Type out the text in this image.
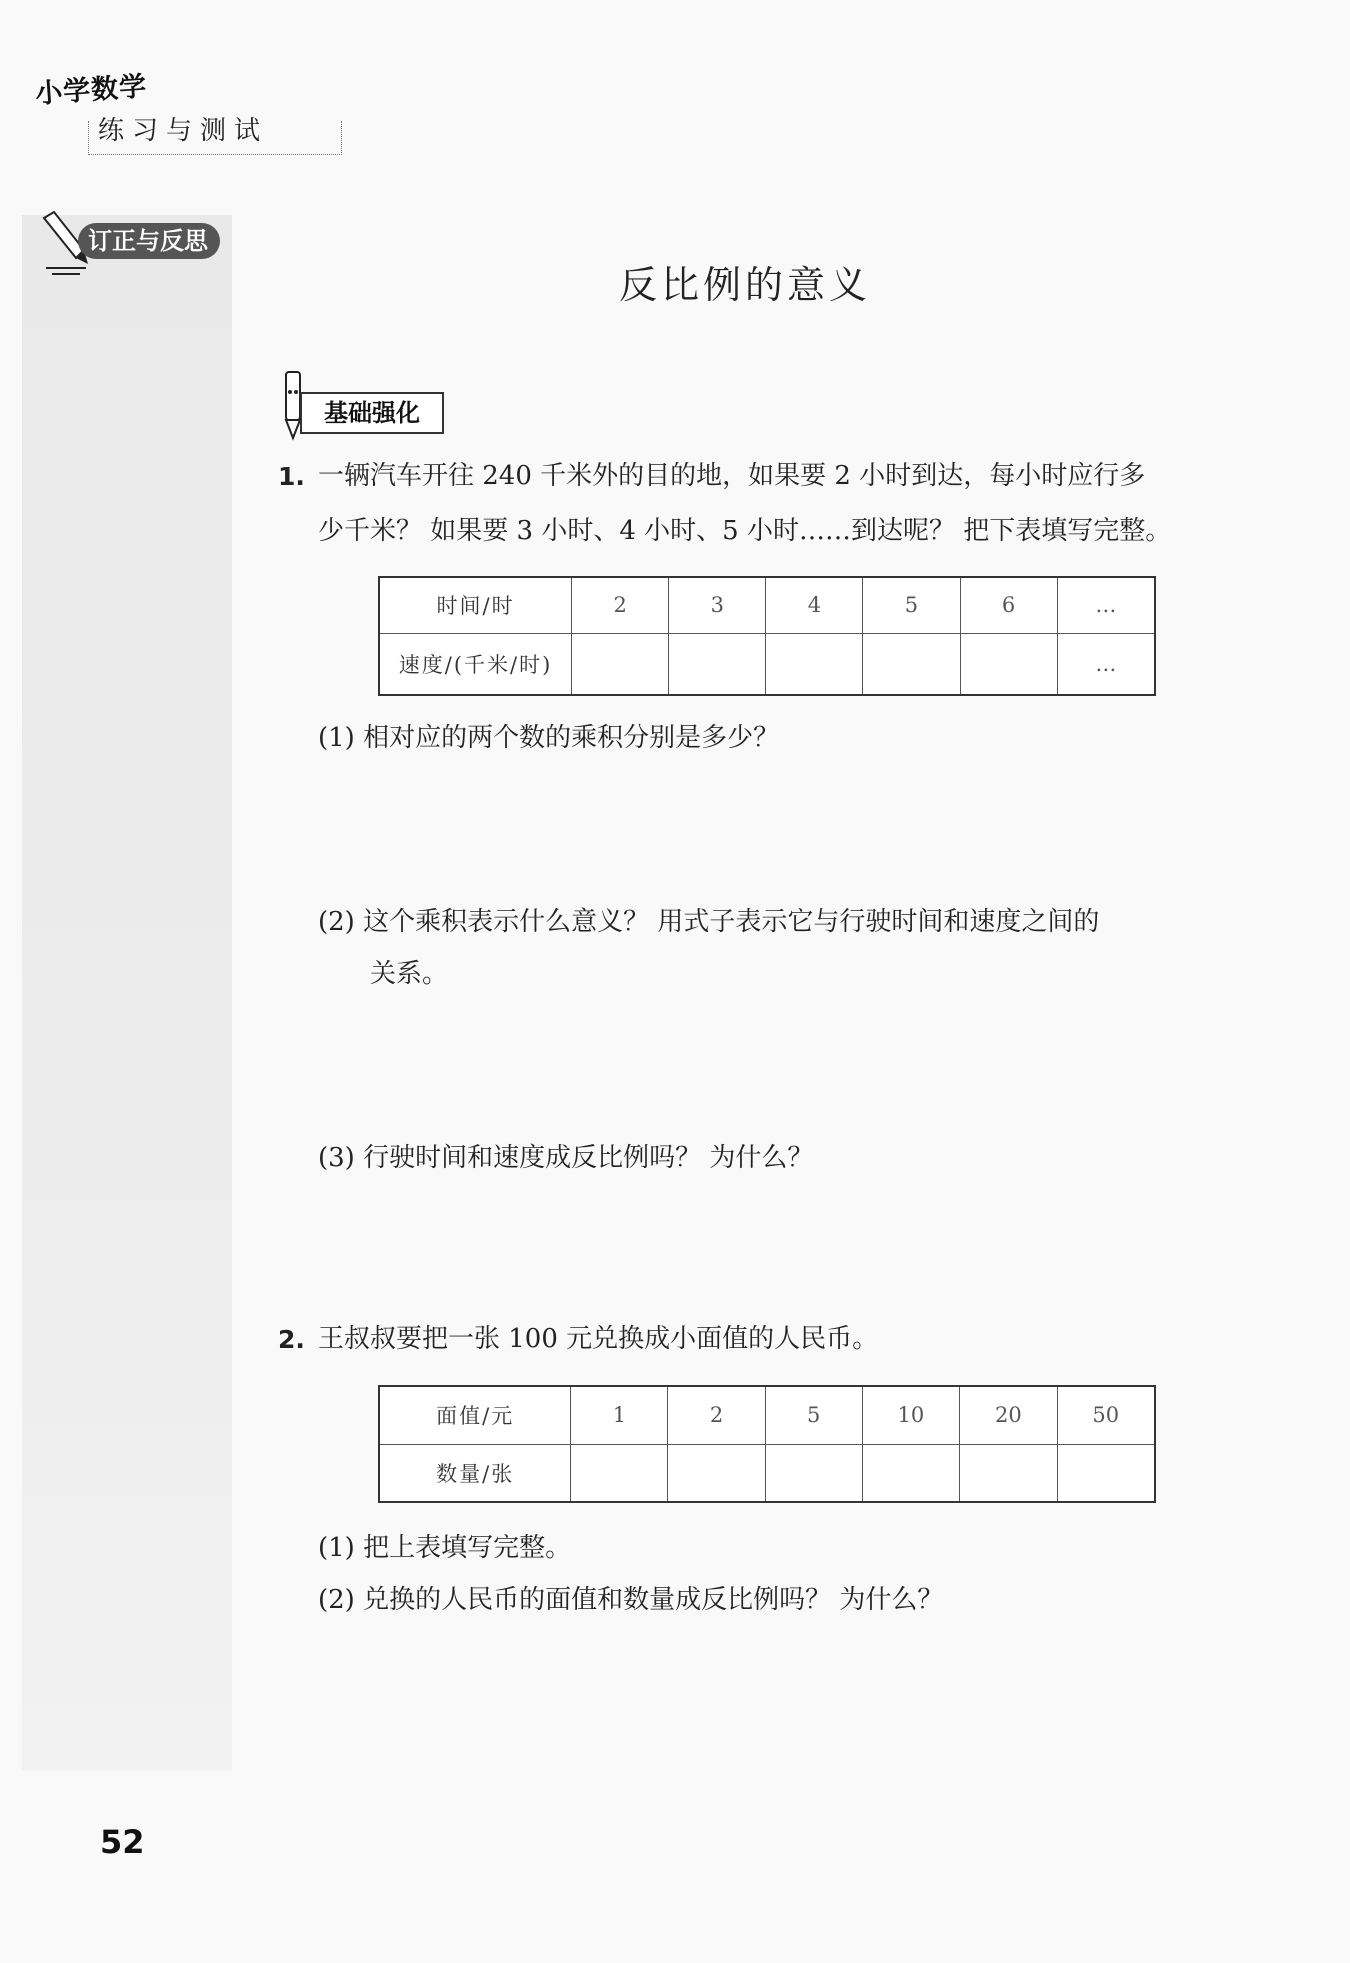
小学数学
练习与测试
订正与反思
反比例的意义
基础强化
1. 一辆汽车开往 240 千米外的目的地，如果要 2 小时到达，每小时应行多
少千米？ 如果要 3 小时、4 小时、5 小时……到达呢？ 把下表填写完整。
时间/时	2	3	4	5	6	…
速度/(千米/时)						…
(1) 相对应的两个数的乘积分别是多少？
(2) 这个乘积表示什么意义？ 用式子表示它与行驶时间和速度之间的
关系。
(3) 行驶时间和速度成反比例吗？ 为什么？
2. 王叔叔要把一张 100 元兑换成小面值的人民币。
面值/元	1	2	5	10	20	50
数量/张						
(1) 把上表填写完整。
(2) 兑换的人民币的面值和数量成反比例吗？ 为什么？
52
